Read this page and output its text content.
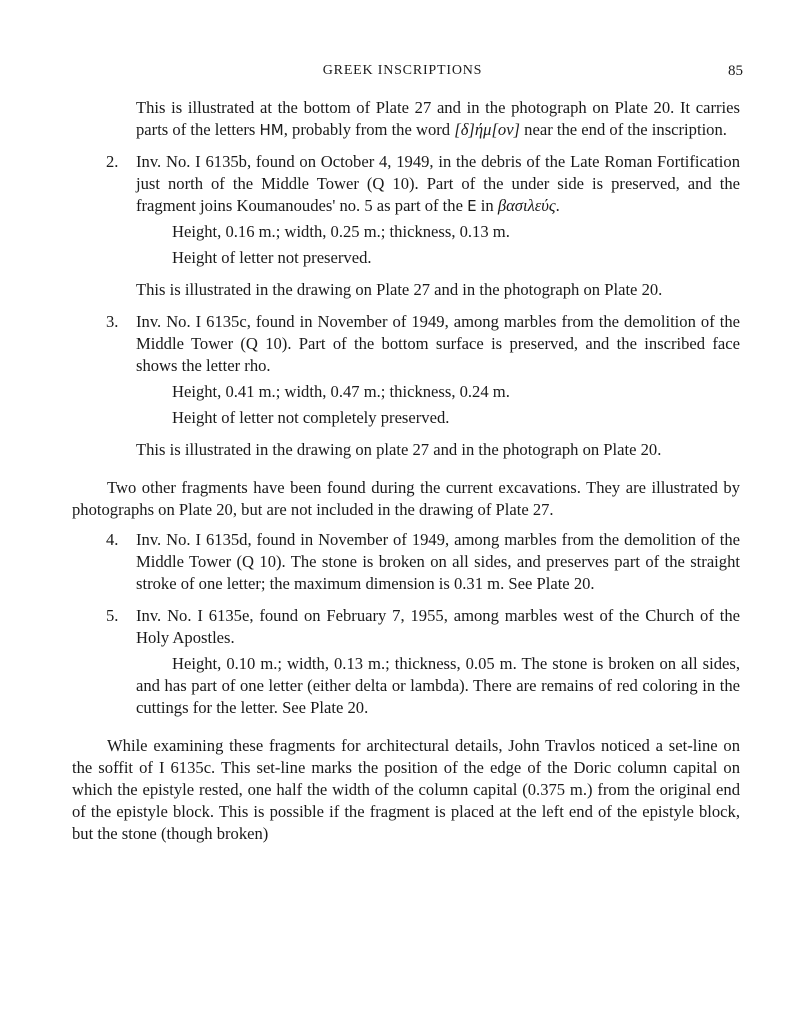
GREEK INSCRIPTIONS	85

This is illustrated at the bottom of Plate 27 and in the photograph on Plate 20. It carries parts of the letters HM, probably from the word [δ]ήμ[ον] near the end of the inscription.

2.	Inv. No. I 6135b, found on October 4, 1949, in the debris of the Late Roman Fortification just north of the Middle Tower (Q 10). Part of the under side is preserved, and the fragment joins Koumanoudes' no. 5 as part of the E in βασιλεύς.

Height, 0.16 m.; width, 0.25 m.; thickness, 0.13 m.

Height of letter not preserved.

This is illustrated in the drawing on Plate 27 and in the photograph on Plate 20.

3.	Inv. No. I 6135c, found in November of 1949, among marbles from the demolition of the Middle Tower (Q 10). Part of the bottom surface is preserved, and the inscribed face shows the letter rho.

Height, 0.41 m.; width, 0.47 m.; thickness, 0.24 m.

Height of letter not completely preserved.

This is illustrated in the drawing on plate 27 and in the photograph on Plate 20.

Two other fragments have been found during the current excavations. They are illustrated by photographs on Plate 20, but are not included in the drawing of Plate 27.

4.	Inv. No. I 6135d, found in November of 1949, among marbles from the demolition of the Middle Tower (Q 10). The stone is broken on all sides, and preserves part of the straight stroke of one letter; the maximum dimension is 0.31 m. See Plate 20.

5.	Inv. No. I 6135e, found on February 7, 1955, among marbles west of the Church of the Holy Apostles.

Height, 0.10 m.; width, 0.13 m.; thickness, 0.05 m. The stone is broken on all sides, and has part of one letter (either delta or lambda). There are remains of red coloring in the cuttings for the letter. See Plate 20.

While examining these fragments for architectural details, John Travlos noticed a set-line on the soffit of I 6135c. This set-line marks the position of the edge of the Doric column capital on which the epistyle rested, one half the width of the column capital (0.375 m.) from the original end of the epistyle block. This is possible if the fragment is placed at the left end of the epistyle block, but the stone (though broken)
